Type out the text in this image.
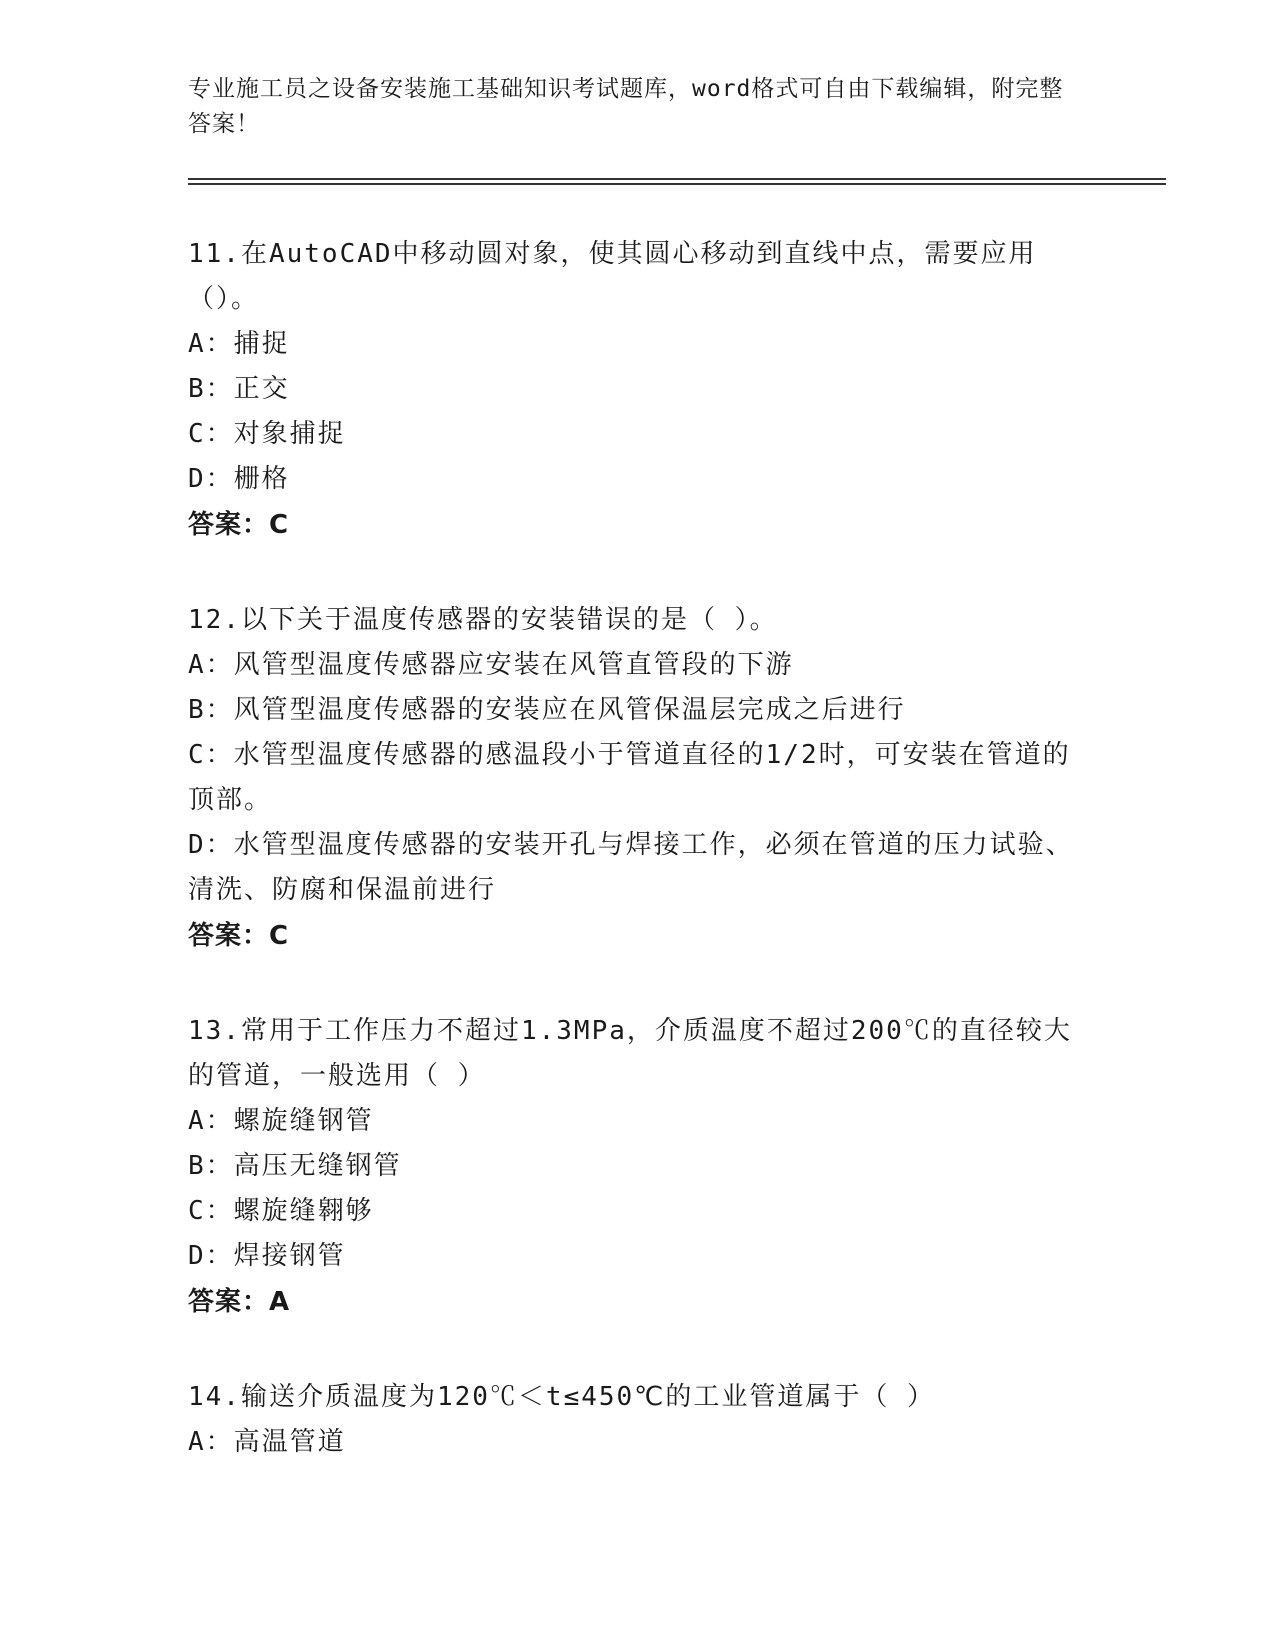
专业施工员之设备安装施工基础知识考试题库，word格式可自由下载编辑，附完整答案！
11.在AutoCAD中移动圆对象，使其圆心移动到直线中点，需要应用（）。
A：捕捉
B：正交
C：对象捕捉
D：栅格
答案：C
12.以下关于温度传感器的安装错误的是（ ）。
A：风管型温度传感器应安装在风管直管段的下游
B：风管型温度传感器的安装应在风管保温层完成之后进行
C：水管型温度传感器的感温段小于管道直径的1/2时，可安装在管道的顶部。
D：水管型温度传感器的安装开孔与焊接工作，必须在管道的压力试验、清洗、防腐和保温前进行
答案：C
13.常用于工作压力不超过1.3MPa，介质温度不超过200℃的直径较大的管道，一般选用（ ）
A：螺旋缝钢管
B：高压无缝钢管
C：螺旋缝翱够
D：焊接钢管
答案：A
14.输送介质温度为120℃＜t≤450℃的工业管道属于（ ）
A：高温管道
